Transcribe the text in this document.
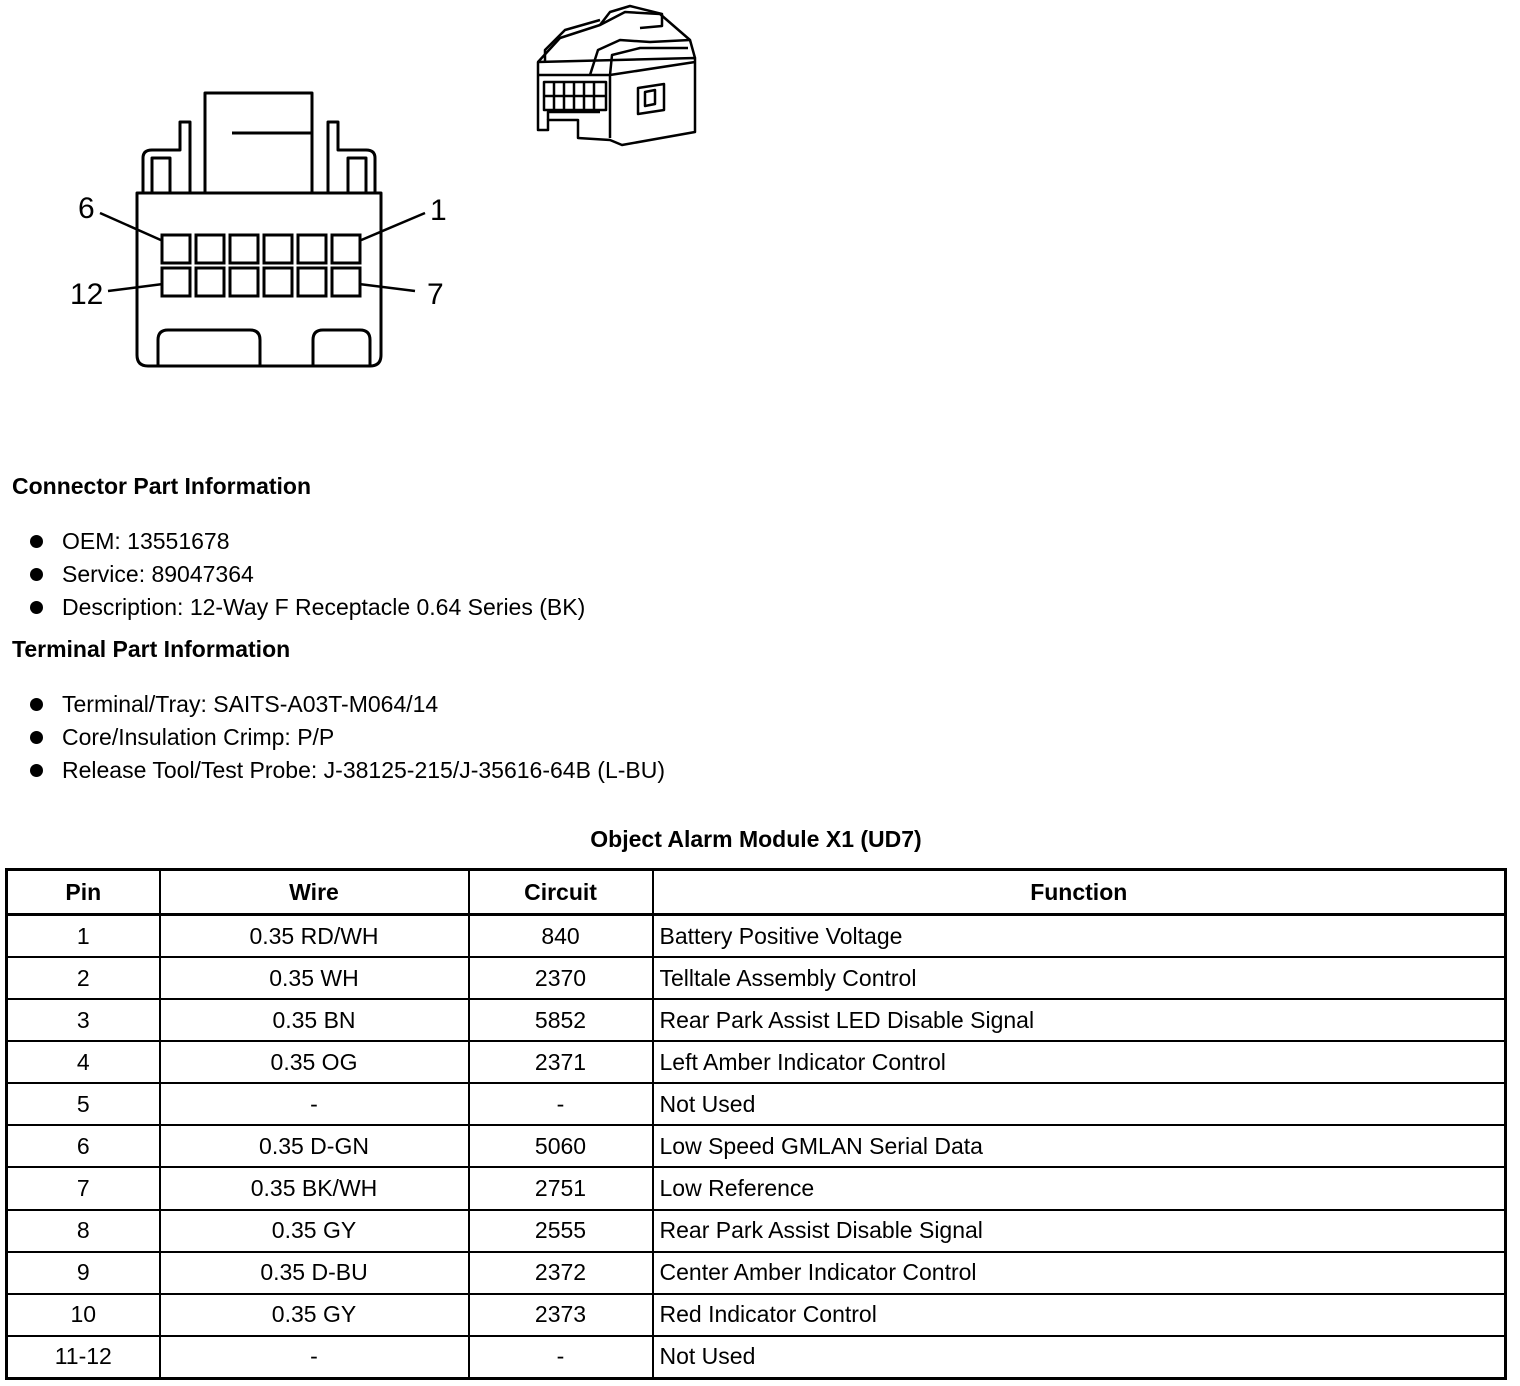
6	1
12	7
Connector Part Information
OEM: 13551678
Service: 89047364
Description: 12-Way F Receptacle 0.64 Series (BK)
Terminal Part Information
Terminal/Tray: SAITS-A03T-M064/14
Core/Insulation Crimp: P/P
Release Tool/Test Probe: J-38125-215/J-35616-64B (L-BU)
Object Alarm Module X1 (UD7)
Pin	Wire	Circuit	Function
1	0.35 RD/WH	840	Battery Positive Voltage
2	0.35 WH	2370	Telltale Assembly Control
3	0.35 BN	5852	Rear Park Assist LED Disable Signal
4	0.35 OG	2371	Left Amber Indicator Control
5	-	-	Not Used
6	0.35 D-GN	5060	Low Speed GMLAN Serial Data
7	0.35 BK/WH	2751	Low Reference
8	0.35 GY	2555	Rear Park Assist Disable Signal
9	0.35 D-BU	2372	Center Amber Indicator Control
10	0.35 GY	2373	Red Indicator Control
11-12	-	-	Not Used
